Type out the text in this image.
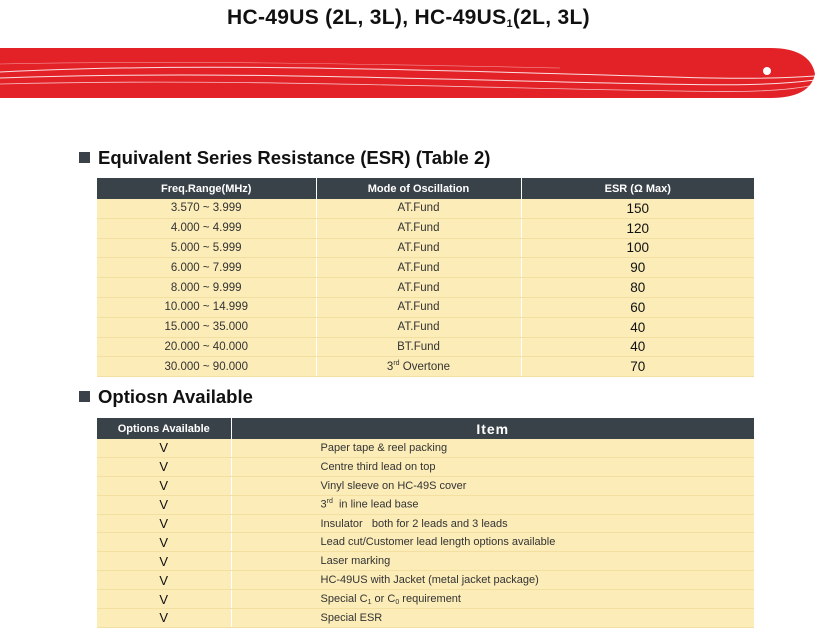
HC-49US (2L, 3L), $HC-49US_1(2L$, 3L)
Equivalent Series Resistance (ESR) (Table 2)
Freq.Range(MHz)	Mode of Oscillation	ESR (Ω Max)
3.570 ~ 3.999	AT.Fund	150
4.000 ~ 4.999	AT.Fund	120
5.000 ~ 5.999	AT.Fund	100
6.000 ~ 7.999	AT.Fund	90
8.000 ~ 9.999	AT.Fund	80
10.000 ~ 14.999	AT.Fund	60
15.000 ~ 35.000	AT.Fund	40
20.000 ~ 40.000	BT.Fund	40
30.000 ~ 90.000	3rd Overtone	70
Optiosn Available
Options Available	Item
V	Paper tape & reel packing
V	Centre third lead on top
V	Vinyl sleeve on HC-49S cover
V	3rd  in line lead base
V	Insulator   both for 2 leads and 3 leads
V	Lead cut/Customer lead length options available
V	Laser marking
V	HC-49US with Jacket (metal jacket package)
V	Special $C_1$ or $C_0$ requirement
V	Special ESR
